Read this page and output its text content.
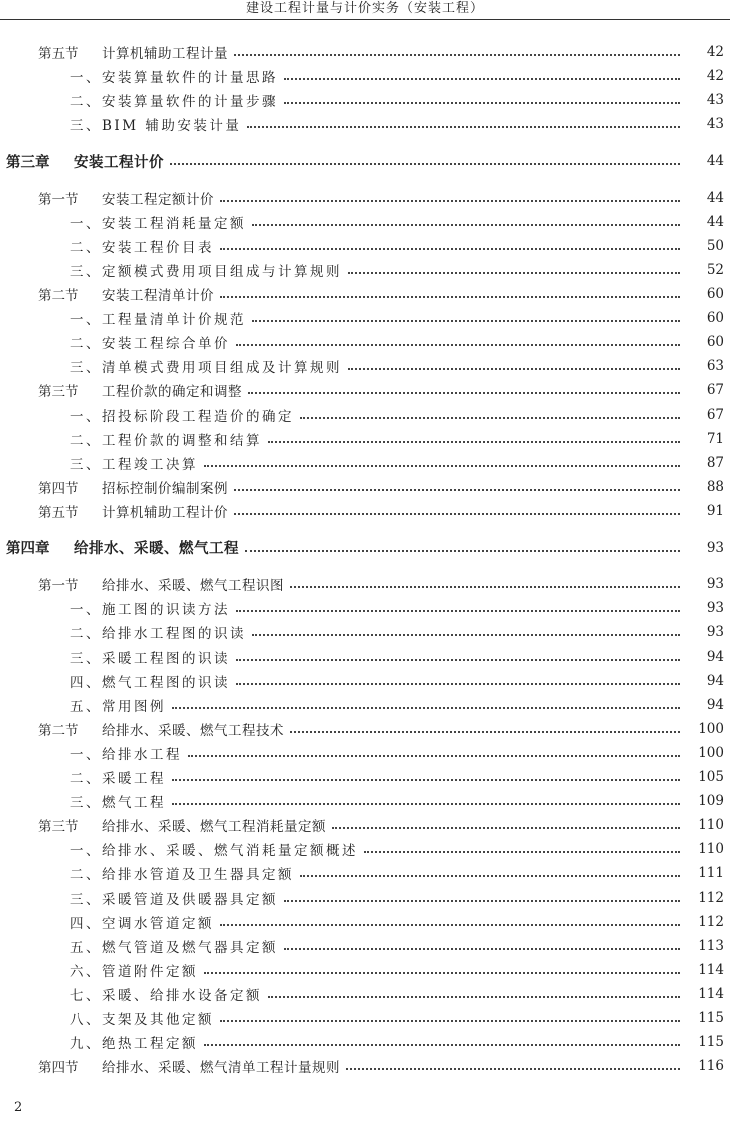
建设工程计量与计价实务（安装工程）
第五节	计算机辅助工程计量	42
一、安装算量软件的计量思路	42
二、安装算量软件的计量步骤	43
三、BIM 辅助安装计量	43
第三章	安装工程计价	44
第一节	安装工程定额计价	44
一、安装工程消耗量定额	44
二、安装工程价目表	50
三、定额模式费用项目组成与计算规则	52
第二节	安装工程清单计价	60
一、工程量清单计价规范	60
二、安装工程综合单价	60
三、清单模式费用项目组成及计算规则	63
第三节	工程价款的确定和调整	67
一、招投标阶段工程造价的确定	67
二、工程价款的调整和结算	71
三、工程竣工决算	87
第四节	招标控制价编制案例	88
第五节	计算机辅助工程计价	91
第四章	给排水、采暖、燃气工程	93
第一节	给排水、采暖、燃气工程识图	93
一、施工图的识读方法	93
二、给排水工程图的识读	93
三、采暖工程图的识读	94
四、燃气工程图的识读	94
五、常用图例	94
第二节	给排水、采暖、燃气工程技术	100
一、给排水工程	100
二、采暖工程	105
三、燃气工程	109
第三节	给排水、采暖、燃气工程消耗量定额	110
一、给排水、采暖、燃气消耗量定额概述	110
二、给排水管道及卫生器具定额	111
三、采暖管道及供暖器具定额	112
四、空调水管道定额	112
五、燃气管道及燃气器具定额	113
六、管道附件定额	114
七、采暖、给排水设备定额	114
八、支架及其他定额	115
九、绝热工程定额	115
第四节	给排水、采暖、燃气清单工程计量规则	116
2
